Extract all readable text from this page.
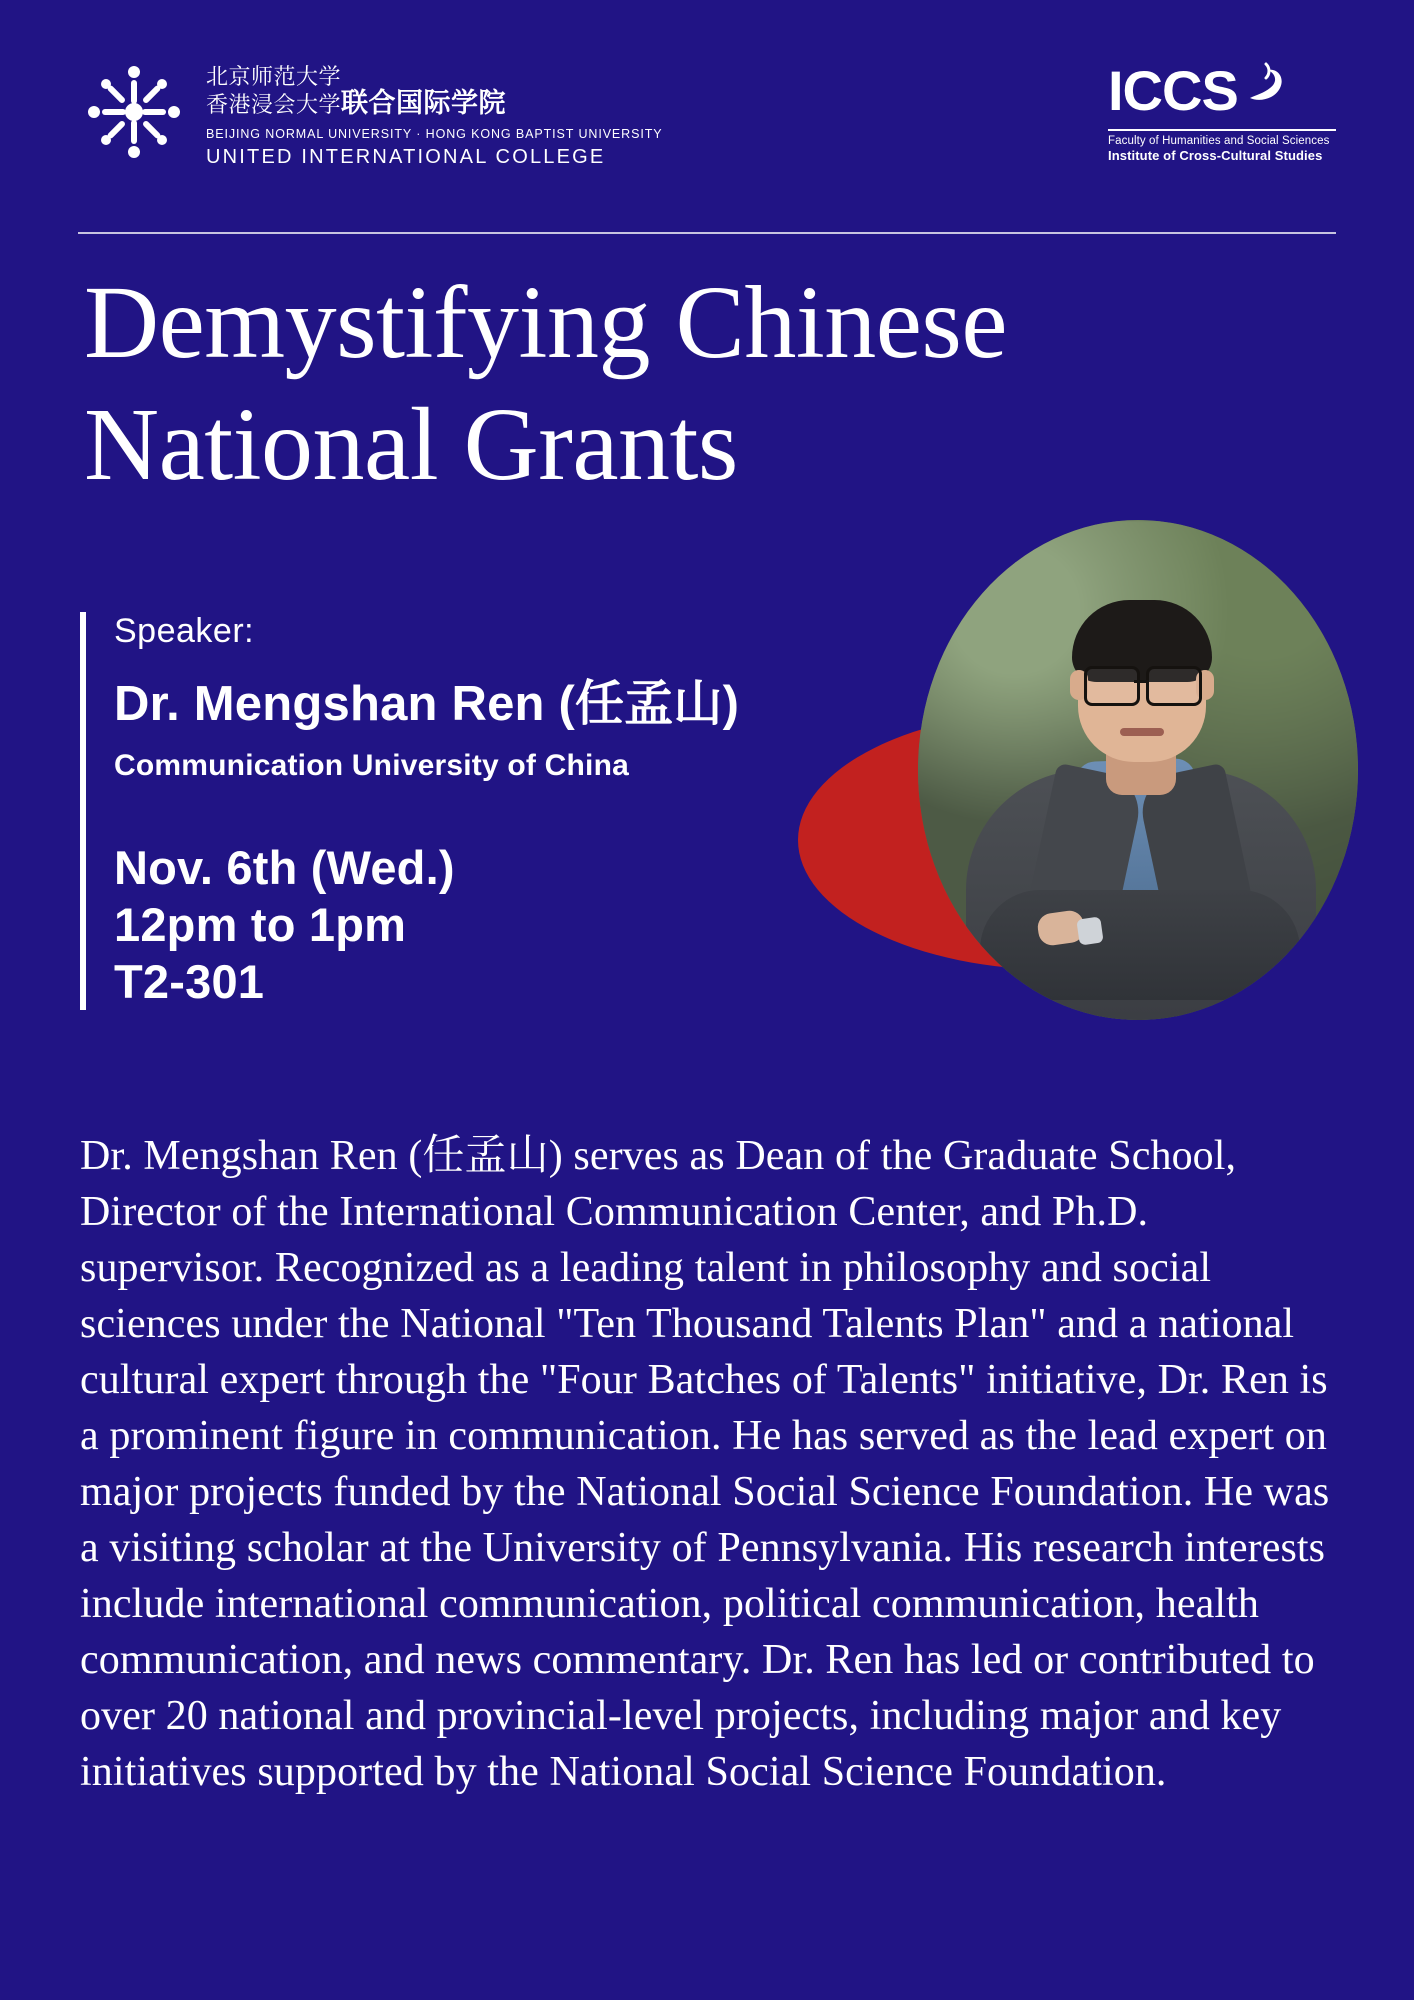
北京师范大学
香港浸会大学联合国际学院
BEIJING NORMAL UNIVERSITY · HONG KONG BAPTIST UNIVERSITY
UNITED INTERNATIONAL COLLEGE
ICCS
Faculty of Humanities and Social Sciences
Institute of Cross-Cultural Studies
Demystifying Chinese National Grants
Speaker:
Dr. Mengshan Ren (任孟山)
Communication University of China
Nov. 6th (Wed.)
12pm to 1pm
T2-301
Dr. Mengshan Ren (任孟山) serves as Dean of the Graduate School, Director of the International Communication Center, and Ph.D. supervisor. Recognized as a leading talent in philosophy and social sciences under the National "Ten Thousand Talents Plan" and a national cultural expert through the "Four Batches of Talents" initiative, Dr. Ren is a prominent figure in communication. He has served as the lead expert on major projects funded by the National Social Science Foundation. He was a visiting scholar at the University of Pennsylvania. His research interests include international communication, political communication, health communication, and news commentary. Dr. Ren has led or contributed to over 20 national and provincial-level projects, including major and key initiatives supported by the National Social Science Foundation.
